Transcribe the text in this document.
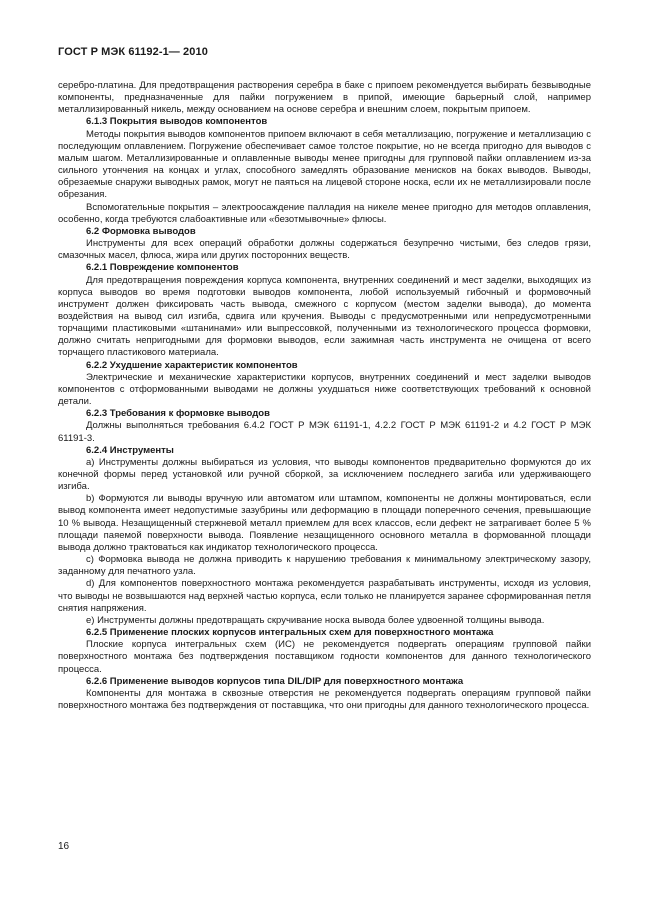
ГОСТ Р МЭК 61192-1— 2010

серебро-платина. Для предотвращения растворения серебра в баке с припоем рекомендуется выбирать безвыводные компоненты, предназначенные для пайки погружением в припой, имеющие барьерный слой, например металлизированный никель, между основанием на основе серебра и внешним слоем, покрытым припоем.

6.1.3 Покрытия выводов компонентов

Методы покрытия выводов компонентов припоем включают в себя металлизацию, погружение и металлизацию с последующим оплавлением. Погружение обеспечивает самое толстое покрытие, но не всегда пригодно для выводов с малым шагом. Металлизированные и оплавленные выводы менее пригодны для групповой пайки оплавлением из-за сильного утончения на концах и углах, способного замедлять образование менисков на боках выводов. Выводы, обрезаемые снаружи выводных рамок, могут не паяться на лицевой стороне носка, если их не металлизировали после обрезания.

Вспомогательные покрытия – электроосаждение палладия на никеле менее пригодно для методов оплавления, особенно, когда требуются слабоактивные или «безотмывочные» флюсы.

6.2 Формовка выводов

Инструменты для всех операций обработки должны содержаться безупречно чистыми, без следов грязи, смазочных масел, флюса, жира или других посторонних веществ.

6.2.1 Повреждение компонентов

Для предотвращения повреждения корпуса компонента, внутренних соединений и мест заделки, выходящих из корпуса выводов во время подготовки выводов компонента, любой используемый гибочный и формовочный инструмент должен фиксировать часть вывода, смежного с корпусом (местом заделки вывода), до момента воздействия на вывод сил изгиба, сдвига или кручения. Выводы с предусмотренными или непредусмотренными торчащими пластиковыми «штанинами» или выпрессовкой, полученными из технологического процесса формовки, должно считать непригодными для формовки выводов, если зажимная часть инструмента не очищена от всего торчащего пластикового материала.

6.2.2 Ухудшение характеристик компонентов

Электрические и механические характеристики корпусов, внутренних соединений и мест заделки выводов компонентов с отформованными выводами не должны ухудшаться ниже соответствующих требований к основной детали.

6.2.3 Требования к формовке выводов

Должны выполняться требования 6.4.2 ГОСТ Р МЭК 61191-1, 4.2.2 ГОСТ Р МЭК 61191-2 и 4.2 ГОСТ Р МЭК 61191-3.

6.2.4 Инструменты

a) Инструменты должны выбираться из условия, что выводы компонентов предварительно формуются до их конечной формы перед установкой или ручной сборкой, за исключением последнего загиба или удерживающего изгиба.

b) Формуются ли выводы вручную или автоматом или штампом, компоненты не должны монтироваться, если вывод компонента имеет недопустимые зазубрины или деформацию в площади поперечного сечения, превышающие 10 % вывода. Незащищенный стержневой металл приемлем для всех классов, если дефект не затрагивает более 5 % площади паяемой поверхности вывода. Появление незащищенного основного металла в формованной площади вывода должно трактоваться как индикатор технологического процесса.

c) Формовка вывода не должна приводить к нарушению требования к минимальному электрическому зазору, заданному для печатного узла.

d) Для компонентов поверхностного монтажа рекомендуется разрабатывать инструменты, исходя из условия, что выводы не возвышаются над верхней частью корпуса, если только не планируется заранее сформированная петля снятия напряжения.

e) Инструменты должны предотвращать скручивание носка вывода более удвоенной толщины вывода.

6.2.5 Применение плоских корпусов интегральных схем для поверхностного монтажа

Плоские корпуса интегральных схем (ИС) не рекомендуется подвергать операциям групповой пайки поверхностного монтажа без подтверждения поставщиком годности компонентов для данного технологического процесса.

6.2.6 Применение выводов корпусов типа DIL/DIP для поверхностного монтажа

Компоненты для монтажа в сквозные отверстия не рекомендуется подвергать операциям групповой пайки поверхностного монтажа без подтверждения от поставщика, что они пригодны для данного технологического процесса.

16
